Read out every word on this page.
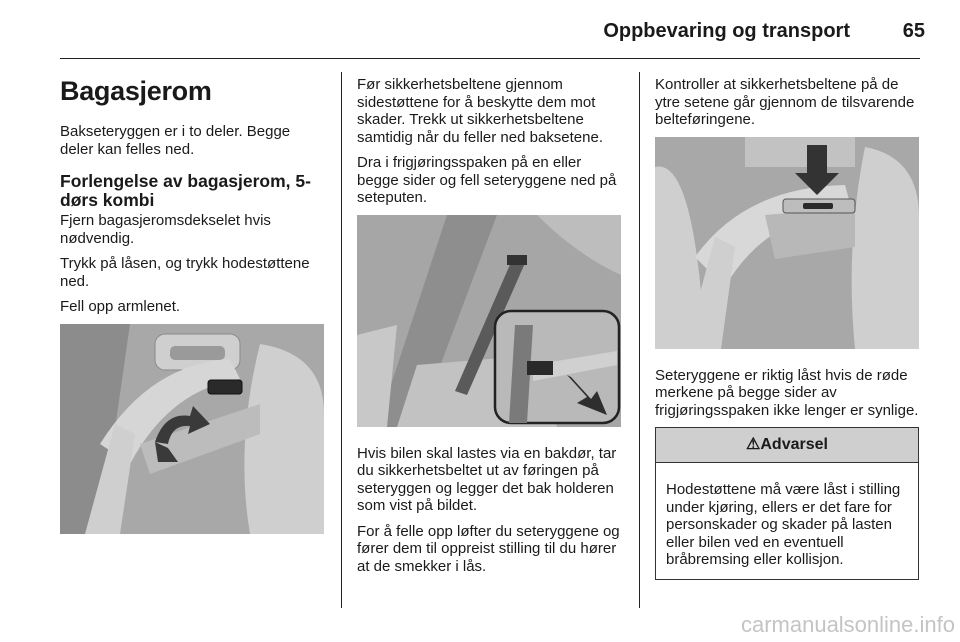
Oppbevaring og transport	65
Bagasjerom

Bakseteryggen er i to deler. Begge deler kan felles ned.

Forlengelse av bagasjerom, 5-dørs kombi

Fjern bagasjeromsdekselet hvis nødvendig.

Trykk på låsen, og trykk hodestøttene ned.

Fell opp armlenet.

Før sikkerhetsbeltene gjennom sidestøttene for å beskytte dem mot skader. Trekk ut sikkerhetsbeltene samtidig når du feller ned baksetene.

Dra i frigjøringsspaken på en eller begge sider og fell seteryggene ned på seteputen.

Hvis bilen skal lastes via en bakdør, tar du sikkerhetsbeltet ut av føringen på seteryggen og legger det bak holderen som vist på bildet.

For å felle opp løfter du seteryggene og fører dem til oppreist stilling til du hører at de smekker i lås.

Kontroller at sikkerhetsbeltene på de ytre setene går gjennom de tilsvarende belteføringene.

Seteryggene er riktig låst hvis de røde merkene på begge sider av frigjøringsspaken ikke lenger er synlige.

⚠Advarsel

Hodestøttene må være låst i stilling under kjøring, ellers er det fare for personskader og skader på lasten eller bilen ved en eventuell bråbremsing eller kollisjon.

carmanualsonline.info
